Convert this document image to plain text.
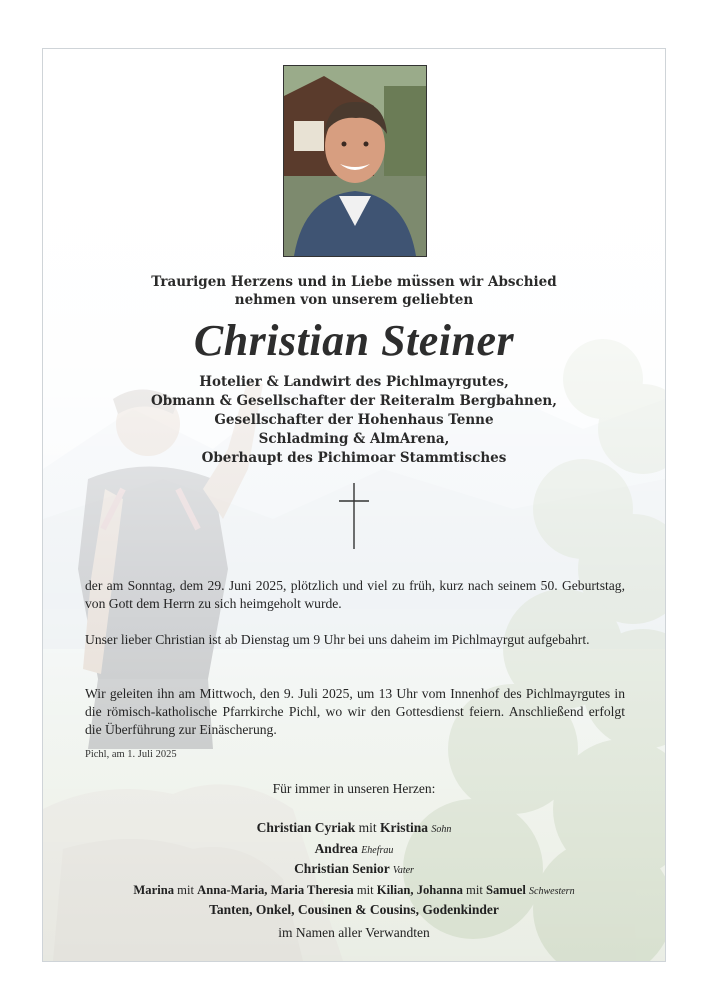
Traurigen Herzens und in Liebe müssen wir Abschied
nehmen von unserem geliebten
Christian Steiner
Hotelier & Landwirt des Pichlmayrgutes,
Obmann & Gesellschafter der Reiteralm Bergbahnen,
Gesellschafter der Hohenhaus Tenne
Schladming & AlmArena,
Oberhaupt des Pichimoar Stammtisches
der am Sonntag, dem 29. Juni 2025, plötzlich und viel zu früh, kurz nach seinem 50. Geburtstag, von Gott dem Herrn zu sich heimgeholt wurde.
Unser lieber Christian ist ab Dienstag um 9 Uhr bei uns daheim im Pichlmayrgut aufgebahrt.
Wir geleiten ihn am Mittwoch, den 9. Juli 2025, um 13 Uhr vom Innenhof des Pichlmayrgutes in die römisch-katholische Pfarrkirche Pichl, wo wir den Gottesdienst feiern. Anschließend erfolgt die Überführung zur Einäscherung.
Pichl, am 1. Juli 2025
Für immer in unseren Herzen:
Christian Cyriak mit Kristina Sohn
Andrea Ehefrau
Christian Senior Vater
Marina mit Anna-Maria, Maria Theresia mit Kilian, Johanna mit Samuel Schwestern
Tanten, Onkel, Cousinen & Cousins, Godenkinder
im Namen aller Verwandten
